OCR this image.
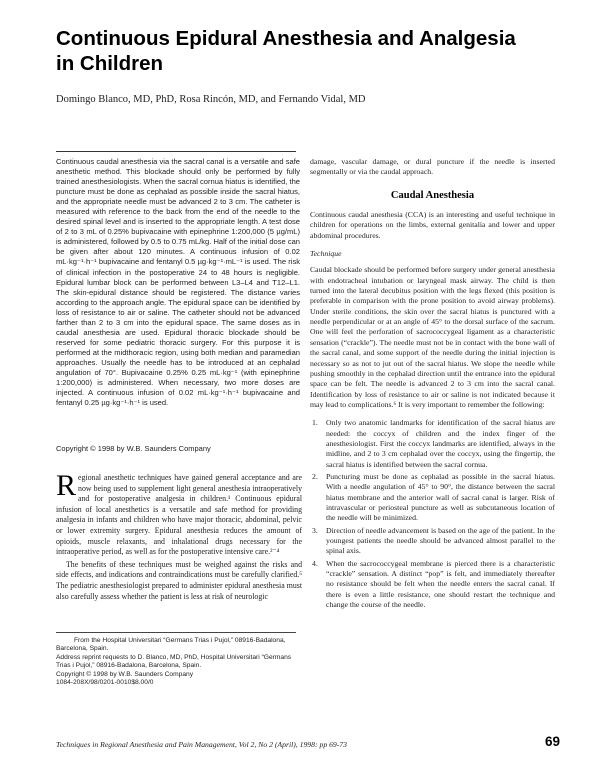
Continuous Epidural Anesthesia and Analgesia in Children
Domingo Blanco, MD, PhD, Rosa Rincón, MD, and Fernando Vidal, MD
Continuous caudal anesthesia via the sacral canal is a versatile and safe anesthetic method. This blockade should only be performed by fully trained anesthesiologists. When the sacral cornua hiatus is identified, the puncture must be done as cephalad as possible inside the sacral hiatus, and the appropriate needle must be advanced 2 to 3 cm. The catheter is measured with reference to the back from the end of the needle to the desired spinal level and is inserted to the appropriate length. A test dose of 2 to 3 mL of 0.25% bupivacaine with epinephrine 1:200,000 (5 µg/mL) is administered, followed by 0.5 to 0.75 mL/kg. Half of the initial dose can be given after about 120 minutes. A continuous infusion of 0.02 mL·kg⁻¹·h⁻¹ bupivacaine and fentanyl 0.5 µg·kg⁻¹·mL⁻¹ is used. The risk of clinical infection in the postoperative 24 to 48 hours is negligible. Epidural lumbar block can be performed between L3–L4 and T12–L1. The skin-epidural distance should be registered. The distance varies according to the approach angle. The epidural space can be identified by loss of resistance to air or saline. The catheter should not be advanced farther than 2 to 3 cm into the epidural space. The same doses as in caudal anesthesia are used. Epidural thoracic blockade should be reserved for some pediatric thoracic surgery. For this purpose it is performed at the midthoracic region, using both median and paramedian approaches. Usually the needle has to be introduced at an cephalad angulation of 70°. Bupivacaine 0.25% 0.25 mL·kg⁻¹ (with epinephrine 1:200,000) is administered. When necessary, two more doses are injected. A continuous infusion of 0.02 mL·kg⁻¹·h⁻¹ bupivacaine and fentanyl 0.25 µg·kg⁻¹·h⁻¹ is used.
Copyright © 1998 by W.B. Saunders Company

Regional anesthetic techniques have gained general acceptance and are now being used to supplement light general anesthesia intraoperatively and for postoperative analgesia in children.¹ Continuous epidural infusion of local anesthetics is a versatile and safe method for providing analgesia in infants and children who have major thoracic, abdominal, pelvic or lower extremity surgery. Epidural anesthesia reduces the amount of opioids, muscle relaxants, and inhalational drugs necessary for the intraoperative period, as well as for the postoperative intensive care.²⁻⁴

The benefits of these techniques must be weighed against the risks and side effects, and indications and contraindications must be carefully clarified.⁵ The pediatric anesthesiologist prepared to administer epidural anesthesia must also carefully assess whether the patient is less at risk of neurologic

From the Hospital Universitari “Germans Trias i Pujol,” 08916-Badalona, Barcelona, Spain.

Address reprint requests to D. Blanco, MD, PhD, Hospital Universitari “Germans Trias i Pujol,” 08916-Badalona, Barcelona, Spain.

Copyright © 1998 by W.B. Saunders Company

1084-208X/98/0201-0010$8.00/0

damage, vascular damage, or dural puncture if the needle is inserted segmentally or via the caudal approach.

Caudal Anesthesia

Continuous caudal anesthesia (CCA) is an interesting and useful technique in children for operations on the limbs, external genitalia and lower and upper abdominal procedures.

Technique

Caudal blockade should be performed before surgery under general anesthesia with endotracheal intubation or laryngeal mask airway. The child is then turned into the lateral decubitus position with the legs flexed (this position is preferable in comparison with the prone position to avoid airway problems). Under sterile conditions, the skin over the sacral hiatus is punctured with a needle perpendicular or at an angle of 45° to the dorsal surface of the sacrum. One will feel the perforation of sacrococcygeal ligament as a characteristic sensation (“crackle”). The needle must not be in contact with the bone wall of the sacral canal, and some support of the needle during the initial injection is necessary so as not to jut out of the sacral hiatus. We slope the needle while pushing smoothly in the cephalad direction until the entrance into the epidural space can be felt. The needle is advanced 2 to 3 cm into the sacral canal. Identification by loss of resistance to air or saline is not indicated because it may lead to complications.⁶ It is very important to remember the following:

1. Only two anatomic landmarks for identification of the sacral hiatus are needed: the coccyx of children and the index finger of the anesthesiologist. First the coccyx landmarks are identified, always in the midline, and 2 to 3 cm cephalad over the coccyx, using the fingertip, the sacral hiatus is identified between the sacral cornua.
2. Puncturing must be done as cephalad as possible in the sacral hiatus. With a needle angulation of 45° to 90°, the distance between the sacral hiatus membrane and the anterior wall of sacral canal is larger. Risk of intravascular or periosteal puncture as well as subcutaneous location of the needle will be minimized.
3. Direction of needle advancement is based on the age of the patient. In the youngest patients the needle should be advanced almost parallel to the spinal axis.
4. When the sacrococcygeal membrane is pierced there is a characteristic “crackle” sensation. A distinct “pop” is felt, and immediately thereafter no resistance should be felt when the needle enters the sacral canal. If there is even a little resistance, one should restart the technique and change the course of the needle.
Techniques in Regional Anesthesia and Pain Management, Vol 2, No 2 (April), 1998: pp 69-73	69
